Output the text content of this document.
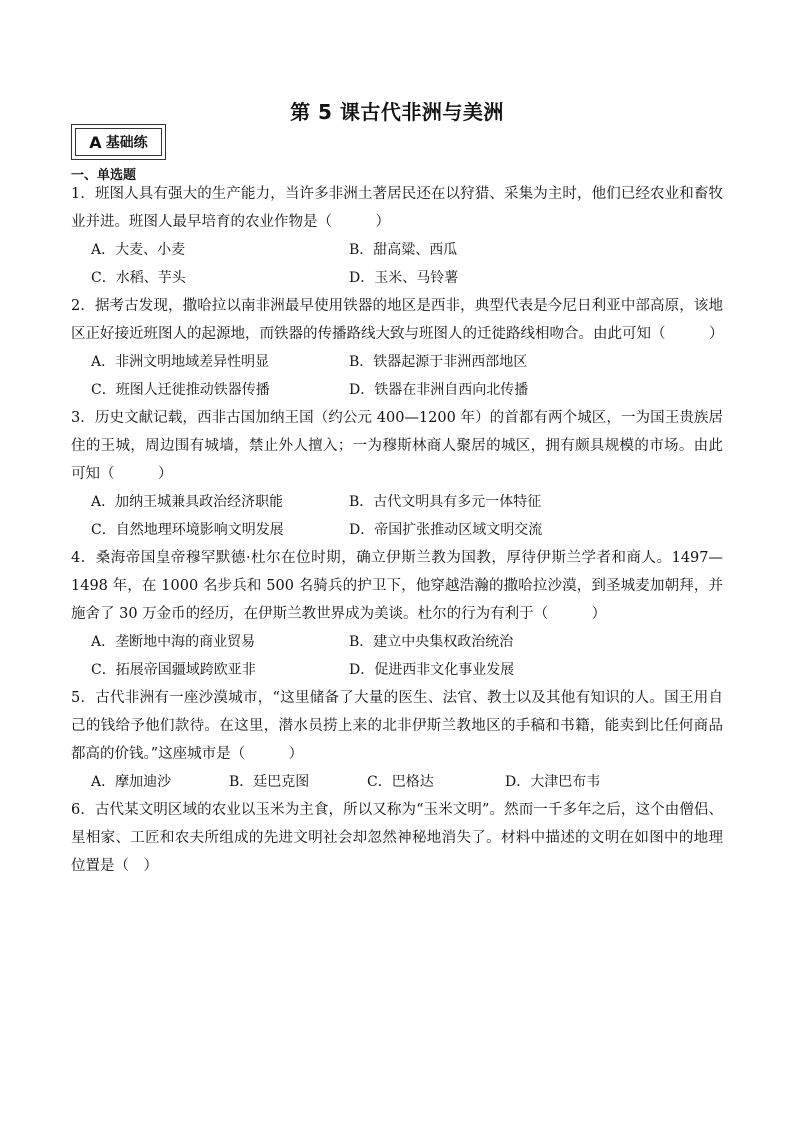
第 5 课古代非洲与美洲
A 基础练
一、单选题

1．班图人具有强大的生产能力，当许多非洲土著居民还在以狩猎、采集为主时，他们已经农业和畜牧业并进。班图人最早培育的农业作物是（　　　）

A．大麦、小麦	B．甜高粱、西瓜
C．水稻、芋头	D．玉米、马铃薯

2．据考古发现，撒哈拉以南非洲最早使用铁器的地区是西非，典型代表是今尼日利亚中部高原，该地区正好接近班图人的起源地，而铁器的传播路线大致与班图人的迁徙路线相吻合。由此可知（　　　）

A．非洲文明地域差异性明显	B．铁器起源于非洲西部地区
C．班图人迁徙推动铁器传播	D．铁器在非洲自西向北传播

3．历史文献记载，西非古国加纳王国（约公元 400—1200 年）的首都有两个城区，一为国王贵族居住的王城，周边围有城墙，禁止外人擅入；一为穆斯林商人聚居的城区，拥有颇具规模的市场。由此可知（　　　）

A．加纳王城兼具政治经济职能	B．古代文明具有多元一体特征
C．自然地理环境影响文明发展	D．帝国扩张推动区域文明交流

4．桑海帝国皇帝穆罕默德·杜尔在位时期，确立伊斯兰教为国教，厚待伊斯兰学者和商人。1497—1498 年，在 1000 名步兵和 500 名骑兵的护卫下，他穿越浩瀚的撒哈拉沙漠，到圣城麦加朝拜，并施舍了 30 万金币的经历，在伊斯兰教世界成为美谈。杜尔的行为有利于（　　　）

A．垄断地中海的商业贸易	B．建立中央集权政治统治
C．拓展帝国疆域跨欧亚非	D．促进西非文化事业发展

5．古代非洲有一座沙漠城市，“这里储备了大量的医生、法官、教士以及其他有知识的人。国王用自己的钱给予他们款待。在这里，潜水员捞上来的北非伊斯兰教地区的手稿和书籍，能卖到比任何商品都高的价钱。”这座城市是（　　　）

A．摩加迪沙	B．廷巴克图	C．巴格达	D．大津巴布韦

6．古代某文明区域的农业以玉米为主食，所以又称为“玉米文明”。然而一千多年之后，这个由僧侣、星相家、工匠和农夫所组成的先进文明社会却忽然神秘地消失了。材料中描述的文明在如图中的地理位置是（　）
